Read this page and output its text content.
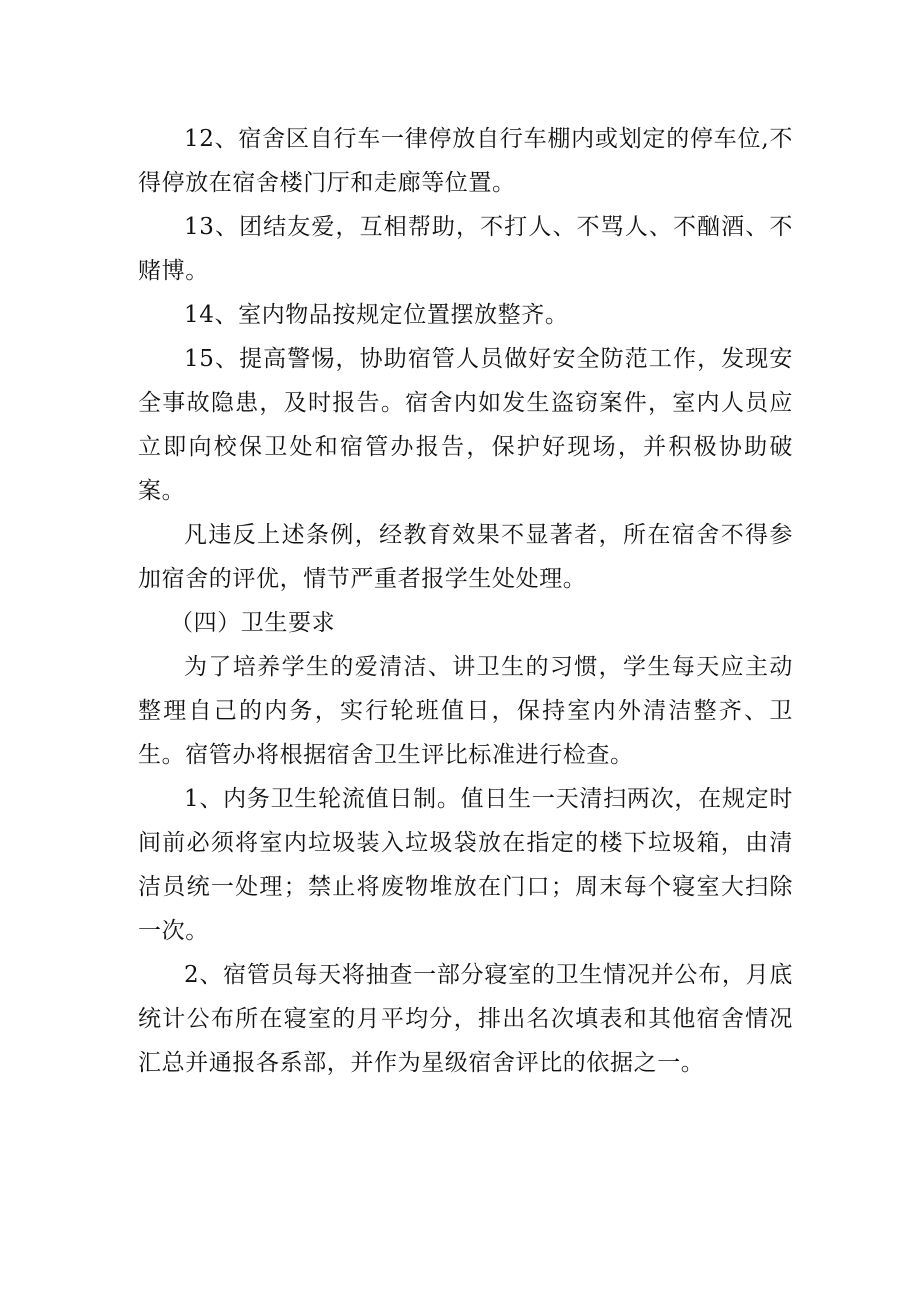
12、宿舍区自行车一律停放自行车棚内或划定的停车位,不得停放在宿舍楼门厅和走廊等位置。

13、团结友爱，互相帮助，不打人、不骂人、不酗酒、不赌博。

14、室内物品按规定位置摆放整齐。

15、提高警惕，协助宿管人员做好安全防范工作，发现安全事故隐患，及时报告。宿舍内如发生盗窃案件，室内人员应立即向校保卫处和宿管办报告，保护好现场，并积极协助破案。

凡违反上述条例，经教育效果不显著者，所在宿舍不得参加宿舍的评优，情节严重者报学生处处理。

（四）卫生要求

为了培养学生的爱清洁、讲卫生的习惯，学生每天应主动整理自己的内务，实行轮班值日，保持室内外清洁整齐、卫生。宿管办将根据宿舍卫生评比标准进行检查。

1、内务卫生轮流值日制。值日生一天清扫两次，在规定时间前必须将室内垃圾装入垃圾袋放在指定的楼下垃圾箱，由清洁员统一处理；禁止将废物堆放在门口；周末每个寝室大扫除一次。

2、宿管员每天将抽查一部分寝室的卫生情况并公布，月底统计公布所在寝室的月平均分，排出名次填表和其他宿舍情况汇总并通报各系部，并作为星级宿舍评比的依据之一。
